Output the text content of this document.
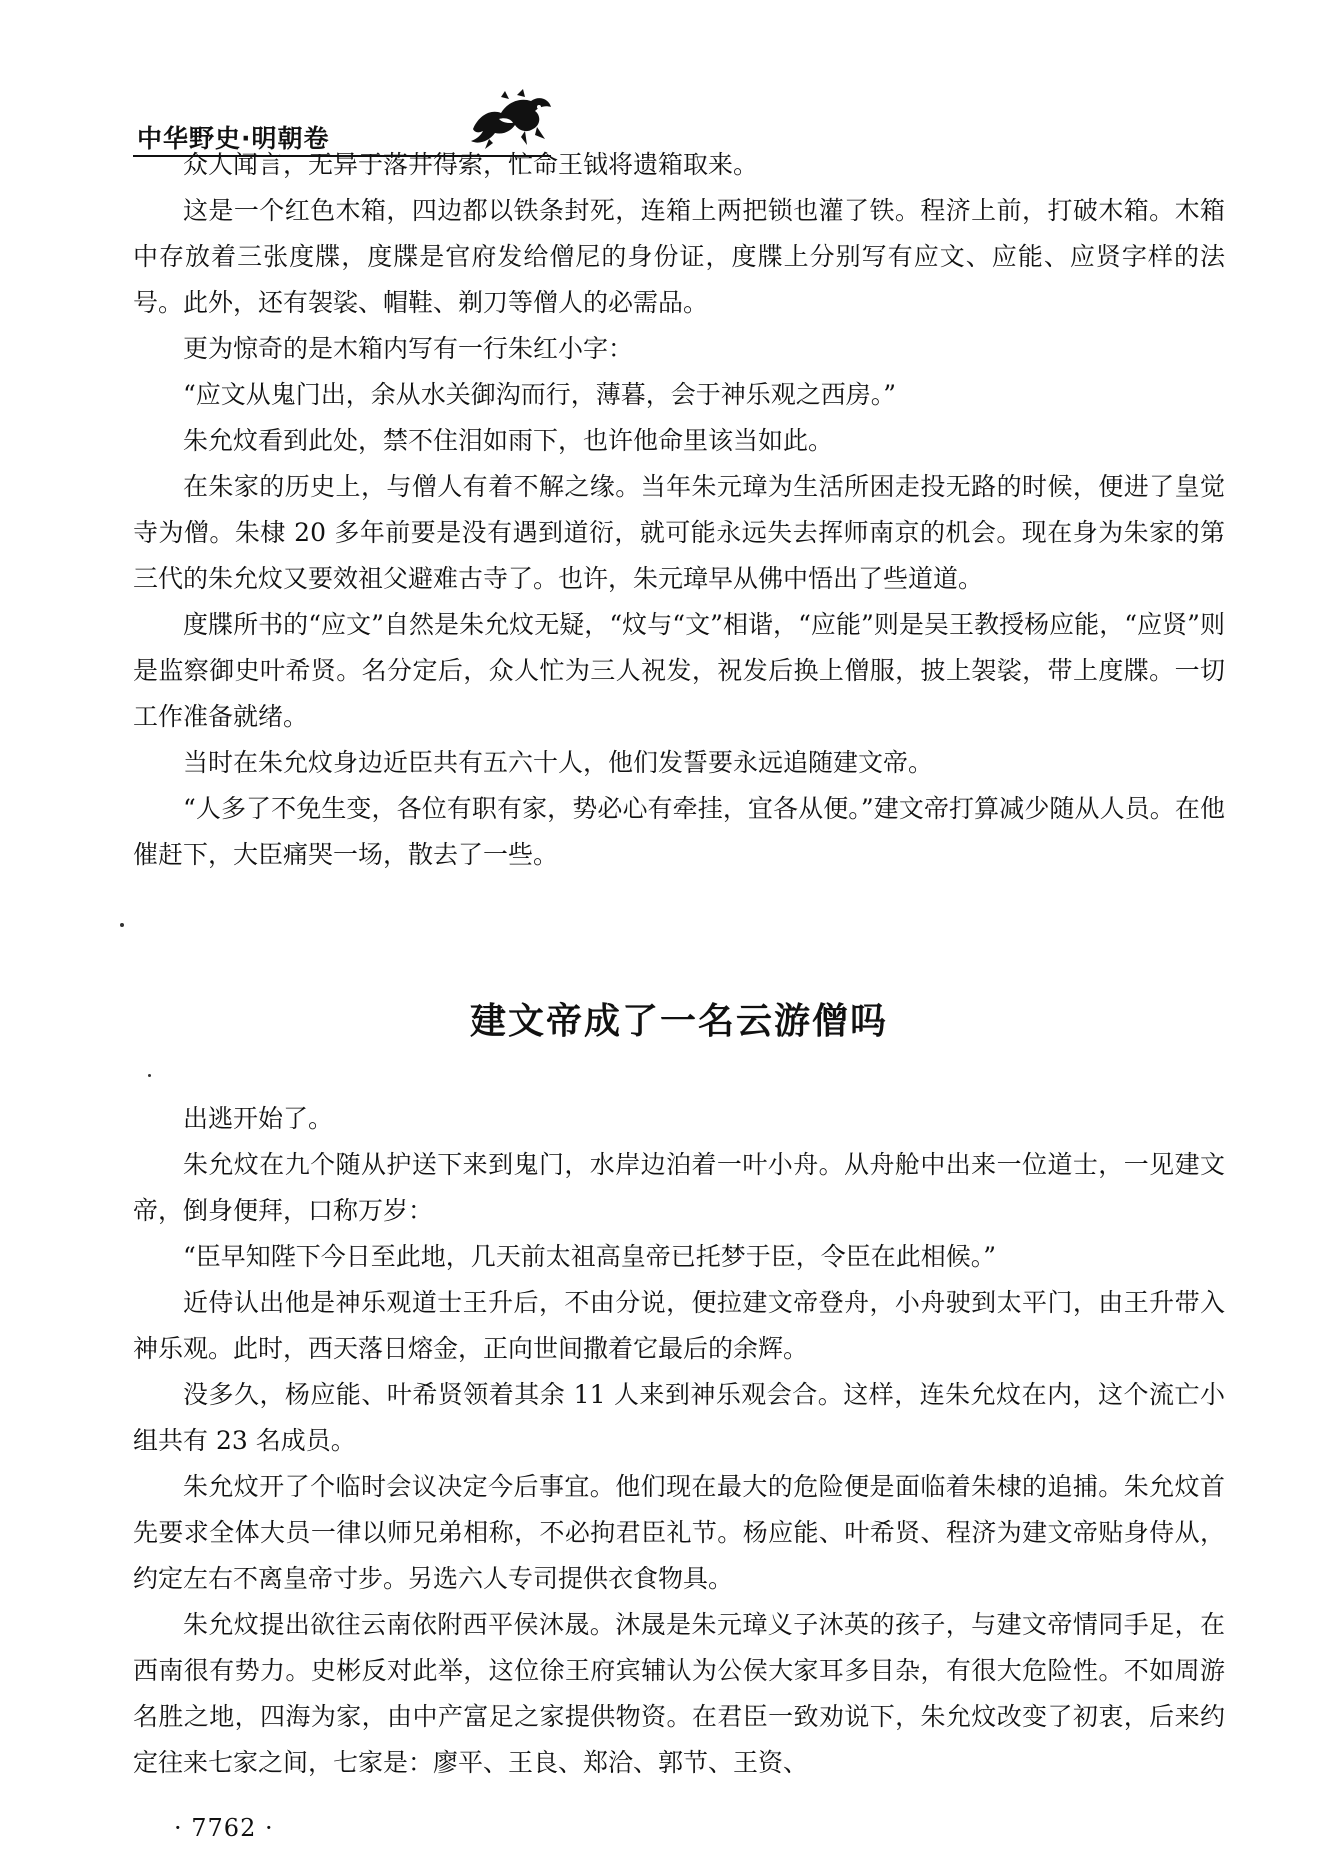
中华野史·明朝卷

众人闻言，无异于落井得索，忙命王钺将遗箱取来。

这是一个红色木箱，四边都以铁条封死，连箱上两把锁也灌了铁。程济上前，打破木箱。木箱中存放着三张度牒，度牒是官府发给僧尼的身份证，度牒上分别写有应文、应能、应贤字样的法号。此外，还有袈裟、帽鞋、剃刀等僧人的必需品。

更为惊奇的是木箱内写有一行朱红小字：

“应文从鬼门出，余从水关御沟而行，薄暮，会于神乐观之西房。”

朱允炆看到此处，禁不住泪如雨下，也许他命里该当如此。

在朱家的历史上，与僧人有着不解之缘。当年朱元璋为生活所困走投无路的时候，便进了皇觉寺为僧。朱棣 20 多年前要是没有遇到道衍，就可能永远失去挥师南京的机会。现在身为朱家的第三代的朱允炆又要效祖父避难古寺了。也许，朱元璋早从佛中悟出了些道道。

度牒所书的“应文”自然是朱允炆无疑，“炆与“文”相谐，“应能”则是吴王教授杨应能，“应贤”则是监察御史叶希贤。名分定后，众人忙为三人祝发，祝发后换上僧服，披上袈裟，带上度牒。一切工作准备就绪。

当时在朱允炆身边近臣共有五六十人，他们发誓要永远追随建文帝。

“人多了不免生变，各位有职有家，势必心有牵挂，宜各从便。”建文帝打算减少随从人员。在他催赶下，大臣痛哭一场，散去了一些。

建文帝成了一名云游僧吗

出逃开始了。

朱允炆在九个随从护送下来到鬼门，水岸边泊着一叶小舟。从舟舱中出来一位道士，一见建文帝，倒身便拜，口称万岁：

“臣早知陛下今日至此地，几天前太祖高皇帝已托梦于臣，令臣在此相候。”

近侍认出他是神乐观道士王升后，不由分说，便拉建文帝登舟，小舟驶到太平门，由王升带入神乐观。此时，西天落日熔金，正向世间撒着它最后的余辉。

没多久，杨应能、叶希贤领着其余 11 人来到神乐观会合。这样，连朱允炆在内，这个流亡小组共有 23 名成员。

朱允炆开了个临时会议决定今后事宜。他们现在最大的危险便是面临着朱棣的追捕。朱允炆首先要求全体大员一律以师兄弟相称，不必拘君臣礼节。杨应能、叶希贤、程济为建文帝贴身侍从，约定左右不离皇帝寸步。另选六人专司提供衣食物具。

朱允炆提出欲往云南依附西平侯沐晟。沐晟是朱元璋义子沐英的孩子，与建文帝情同手足，在西南很有势力。史彬反对此举，这位徐王府宾辅认为公侯大家耳多目杂，有很大危险性。不如周游名胜之地，四海为家，由中产富足之家提供物资。在君臣一致劝说下，朱允炆改变了初衷，后来约定往来七家之间，七家是：廖平、王良、郑洽、郭节、王资、

· 7762 ·
